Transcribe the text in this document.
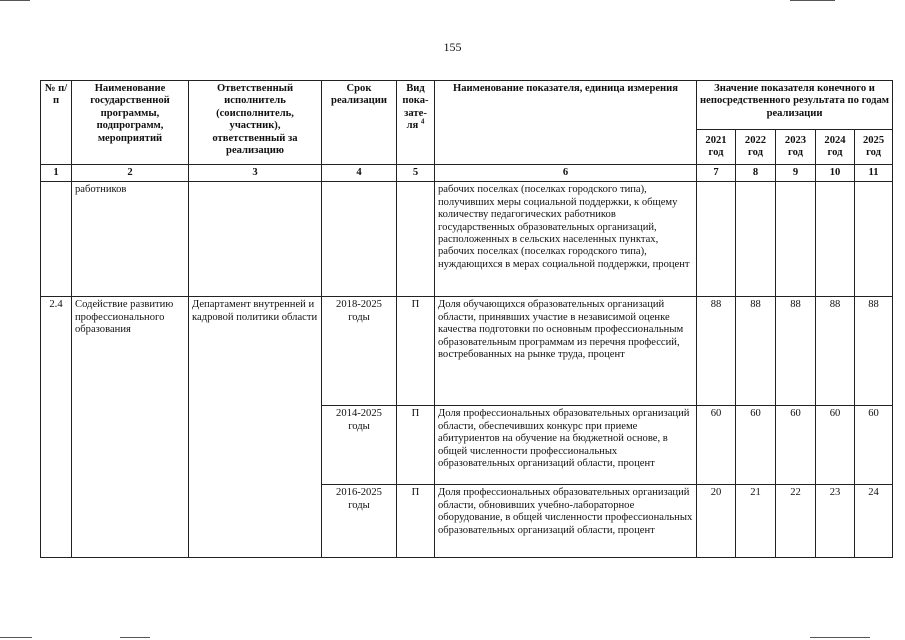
155
№ п/п	Наименование государственной программы, подпрограмм, мероприятий	Ответственный исполнитель (соисполнитель, участник), ответственный за реализацию	Срок реализации	Вид пока-зате-ля $^4$	Наименование показателя, единица измерения	Значение показателя конечного и непосредственного результата по годам реализации				
						2021 год	2022 год	2023 год	2024 год	2025 год
1	2	3	4	5	6	7	8	9	10	11
	работников				рабочих поселках (поселках городского типа), получивших меры социальной поддержки, к общему количеству педагогических работников государственных образовательных организаций, расположенных в сельских населенных пунктах, рабочих поселках (поселках городского типа), нуждающихся в мерах социальной поддержки, процент					
2.4	Содействие развитию профессионального образования	Департамент внутренней и кадровой политики области	2018-2025 годы	П	Доля обучающихся образовательных организаций области, принявших участие в независимой оценке качества подготовки по основным профессиональным образовательным программам из перечня профессий, востребованных на рынке труда, процент	88	88	88	88	88
			2014-2025 годы	П	Доля профессиональных образовательных организаций области, обеспечивших конкурс при приеме абитуриентов на обучение на бюджетной основе, в общей численности профессиональных образовательных организаций области, процент	60	60	60	60	60
			2016-2025 годы	П	Доля профессиональных образовательных организаций области, обновивших учебно-лабораторное оборудование, в общей численности профессиональных образовательных организаций области, процент	20	21	22	23	24
